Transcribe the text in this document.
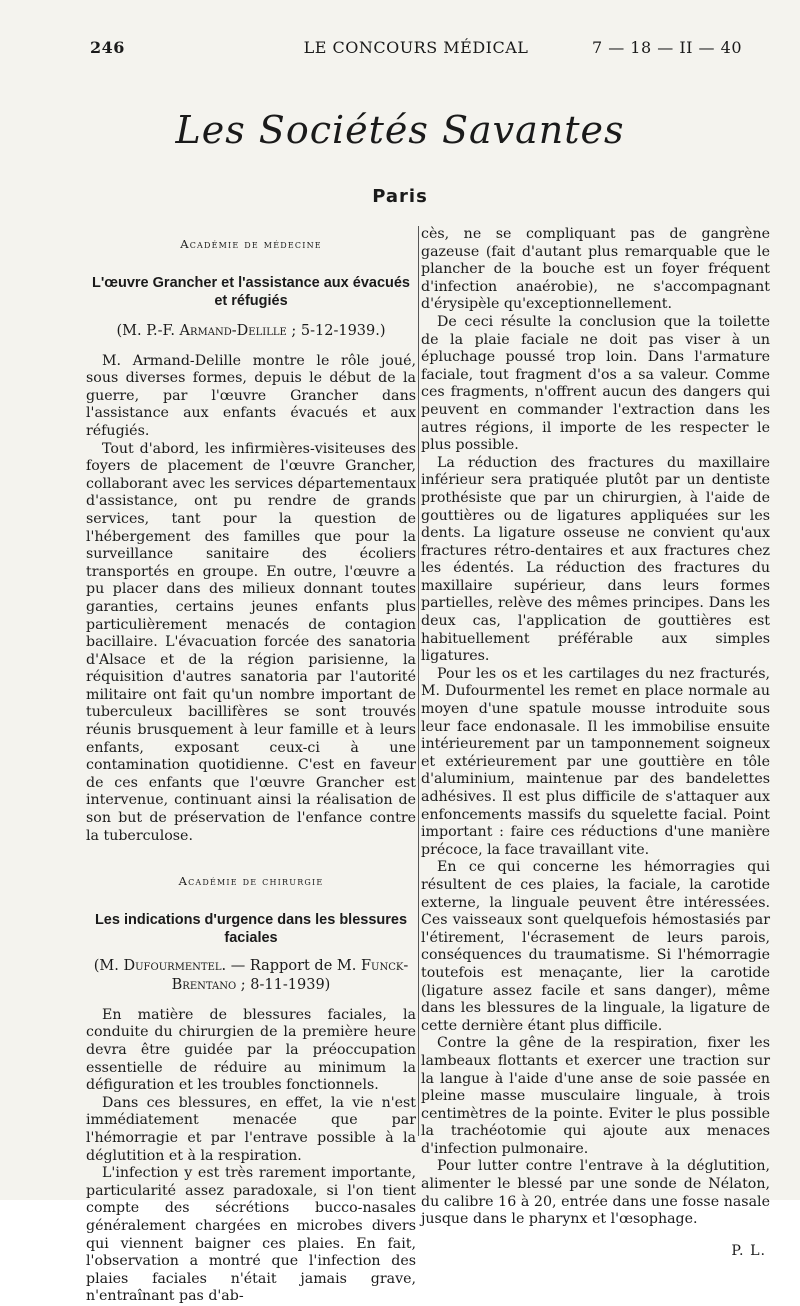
246	LE CONCOURS MÉDICAL	7 — 18 — II — 40
Les Sociétés Savantes
Paris
Académie de médecine
L'œuvre Grancher et l'assistance aux évacués et réfugiés
(M. P.-F. Armand-Delille ; 5-12-1939.)

M. Armand-Delille montre le rôle joué, sous diverses formes, depuis le début de la guerre, par l'œuvre Grancher dans l'assistance aux enfants évacués et aux réfugiés.

Tout d'abord, les infirmières-visiteuses des foyers de placement de l'œuvre Grancher, collaborant avec les services départementaux d'assistance, ont pu rendre de grands services, tant pour la question de l'hébergement des familles que pour la surveillance sanitaire des écoliers transportés en groupe. En outre, l'œuvre a pu placer dans des milieux donnant toutes garanties, certains jeunes enfants plus particulièrement menacés de contagion bacillaire. L'évacuation forcée des sanatoria d'Alsace et de la région parisienne, la réquisition d'autres sanatoria par l'autorité militaire ont fait qu'un nombre important de tuberculeux bacillifères se sont trouvés réunis brusquement à leur famille et à leurs enfants, exposant ceux-ci à une contamination quotidienne. C'est en faveur de ces enfants que l'œuvre Grancher est intervenue, continuant ainsi la réalisation de son but de préservation de l'enfance contre la tuberculose.

Académie de chirurgie
Les indications d'urgence dans les blessures faciales
(M. Dufourmentel. — Rapport de M. Funck-Brentano ; 8-11-1939)

En matière de blessures faciales, la conduite du chirurgien de la première heure devra être guidée par la préoccupation essentielle de réduire au minimum la défiguration et les troubles fonctionnels.

Dans ces blessures, en effet, la vie n'est immédiatement menacée que par l'hémorragie et par l'entrave possible à la déglutition et à la respiration.

L'infection y est très rarement importante, particularité assez paradoxale, si l'on tient compte des sécrétions bucco-nasales généralement chargées en microbes divers qui viennent baigner ces plaies. En fait, l'observation a montré que l'infection des plaies faciales n'était jamais grave, n'entraînant pas d'ab-

cès, ne se compliquant pas de gangrène gazeuse (fait d'autant plus remarquable que le plancher de la bouche est un foyer fréquent d'infection anaérobie), ne s'accompagnant d'érysipèle qu'exceptionnellement.

De ceci résulte la conclusion que la toilette de la plaie faciale ne doit pas viser à un épluchage poussé trop loin. Dans l'armature faciale, tout fragment d'os a sa valeur. Comme ces fragments, n'offrent aucun des dangers qui peuvent en commander l'extraction dans les autres régions, il importe de les respecter le plus possible.

La réduction des fractures du maxillaire inférieur sera pratiquée plutôt par un dentiste prothésiste que par un chirurgien, à l'aide de gouttières ou de ligatures appliquées sur les dents. La ligature osseuse ne convient qu'aux fractures rétro-dentaires et aux fractures chez les édentés. La réduction des fractures du maxillaire supérieur, dans leurs formes partielles, relève des mêmes principes. Dans les deux cas, l'application de gouttières est habituellement préférable aux simples ligatures.

Pour les os et les cartilages du nez fracturés, M. Dufourmentel les remet en place normale au moyen d'une spatule mousse introduite sous leur face endonasale. Il les immobilise ensuite intérieurement par un tamponnement soigneux et extérieurement par une gouttière en tôle d'aluminium, maintenue par des bandelettes adhésives. Il est plus difficile de s'attaquer aux enfoncements massifs du squelette facial. Point important : faire ces réductions d'une manière précoce, la face travaillant vite.

En ce qui concerne les hémorragies qui résultent de ces plaies, la faciale, la carotide externe, la linguale peuvent être intéressées. Ces vaisseaux sont quelquefois hémostasiés par l'étirement, l'écrasement de leurs parois, conséquences du traumatisme. Si l'hémorragie toutefois est menaçante, lier la carotide (ligature assez facile et sans danger), même dans les blessures de la linguale, la ligature de cette dernière étant plus difficile.

Contre la gêne de la respiration, fixer les lambeaux flottants et exercer une traction sur la langue à l'aide d'une anse de soie passée en pleine masse musculaire linguale, à trois centimètres de la pointe. Eviter le plus possible la trachéotomie qui ajoute aux menaces d'infection pulmonaire.

Pour lutter contre l'entrave à la déglutition, alimenter le blessé par une sonde de Nélaton, du calibre 16 à 20, entrée dans une fosse nasale jusque dans le pharynx et l'œsophage.

P. L.
